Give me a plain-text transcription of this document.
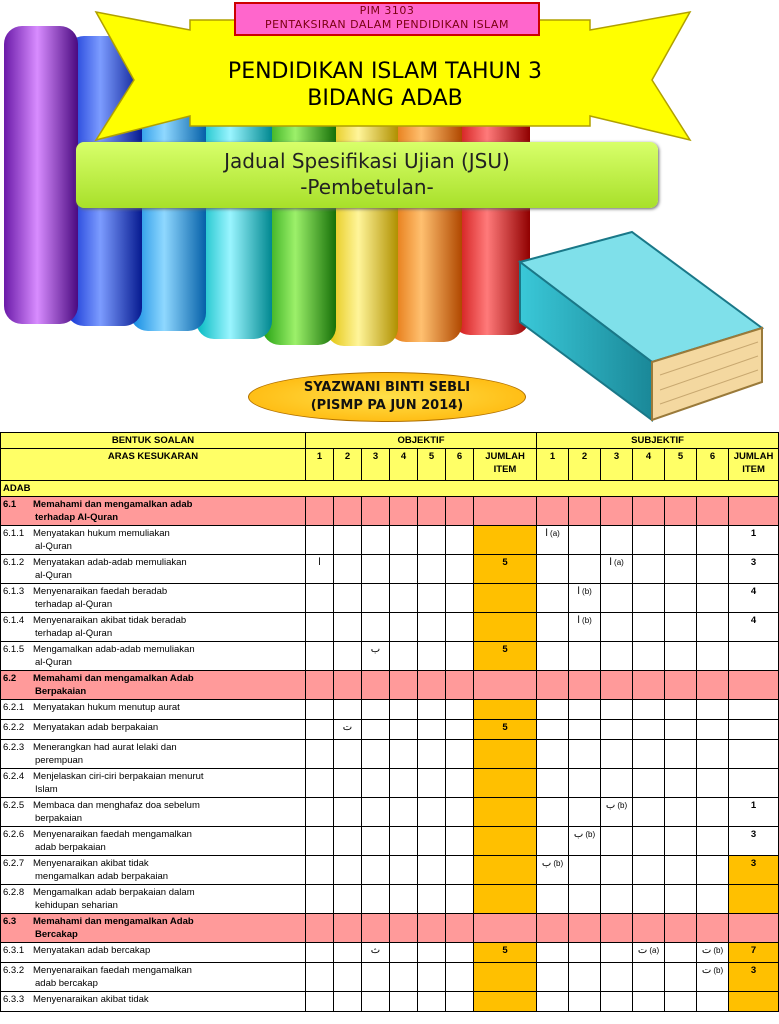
PIM 3103
PENTAKSIRAN DALAM PENDIDIKAN ISLAM
PENDIDIKAN ISLAM TAHUN 3
BIDANG ADAB
Jadual Spesifikasi Ujian (JSU)
-Pembetulan-
SYAZWANI BINTI SEBLI
(PISMP PA JUN 2014)
BENTUK SOALAN	OBJEKTIF							SUBJEKTIF						
ARAS KESUKARAN	1	2	3	4	5	6	JUMLAH ITEM	1	2	3	4	5	6	JUMLAH ITEM
ADAB														
6.1 Memahami dan mengamalkan adab
terhadap Al-Quran														

6.1.1 Menyatakan hukum memuliakan
al-Quran								ا (a)						1
6.1.2 Menyatakan adab-adab memuliakan
al-Quran	ا						5			ا (a)				3
6.1.3 Menyenaraikan faedah beradab
terhadap al-Quran									ا (b)					4
6.1.4 Menyenaraikan akibat tidak beradab
terhadap al-Quran									ا (b)					4
6.1.5 Mengamalkan adab-adab memuliakan
al-Quran			ب				5							
6.2 Memahami dan mengamalkan Adab
Berpakaian														

6.2.1 Menyatakan hukum menutup aurat														
6.2.2 Menyatakan adab berpakaian		ت					5							
6.2.3 Menerangkan had aurat lelaki dan
perempuan														

6.2.4 Menjelaskan ciri-ciri berpakaian menurut
Islam														

6.2.5 Membaca dan menghafaz doa sebelum
berpakaian										ب (b)				1
6.2.6 Menyenaraikan faedah mengamalkan
adab berpakaian									ب (b)					3
6.2.7 Menyenaraikan akibat tidak
mengamalkan adab berpakaian								ب (b)						3
6.2.8 Mengamalkan adab berpakaian dalam
kehidupan seharian														

6.3 Memahami dan mengamalkan Adab
Bercakap														

6.3.1 Menyatakan adab bercakap			ث				5				ت (a)		ت (b)	7
6.3.2 Menyenaraikan faedah mengamalkan
adab bercakap													ت (b)	3
6.3.3 Menyenaraikan akibat tidak														
